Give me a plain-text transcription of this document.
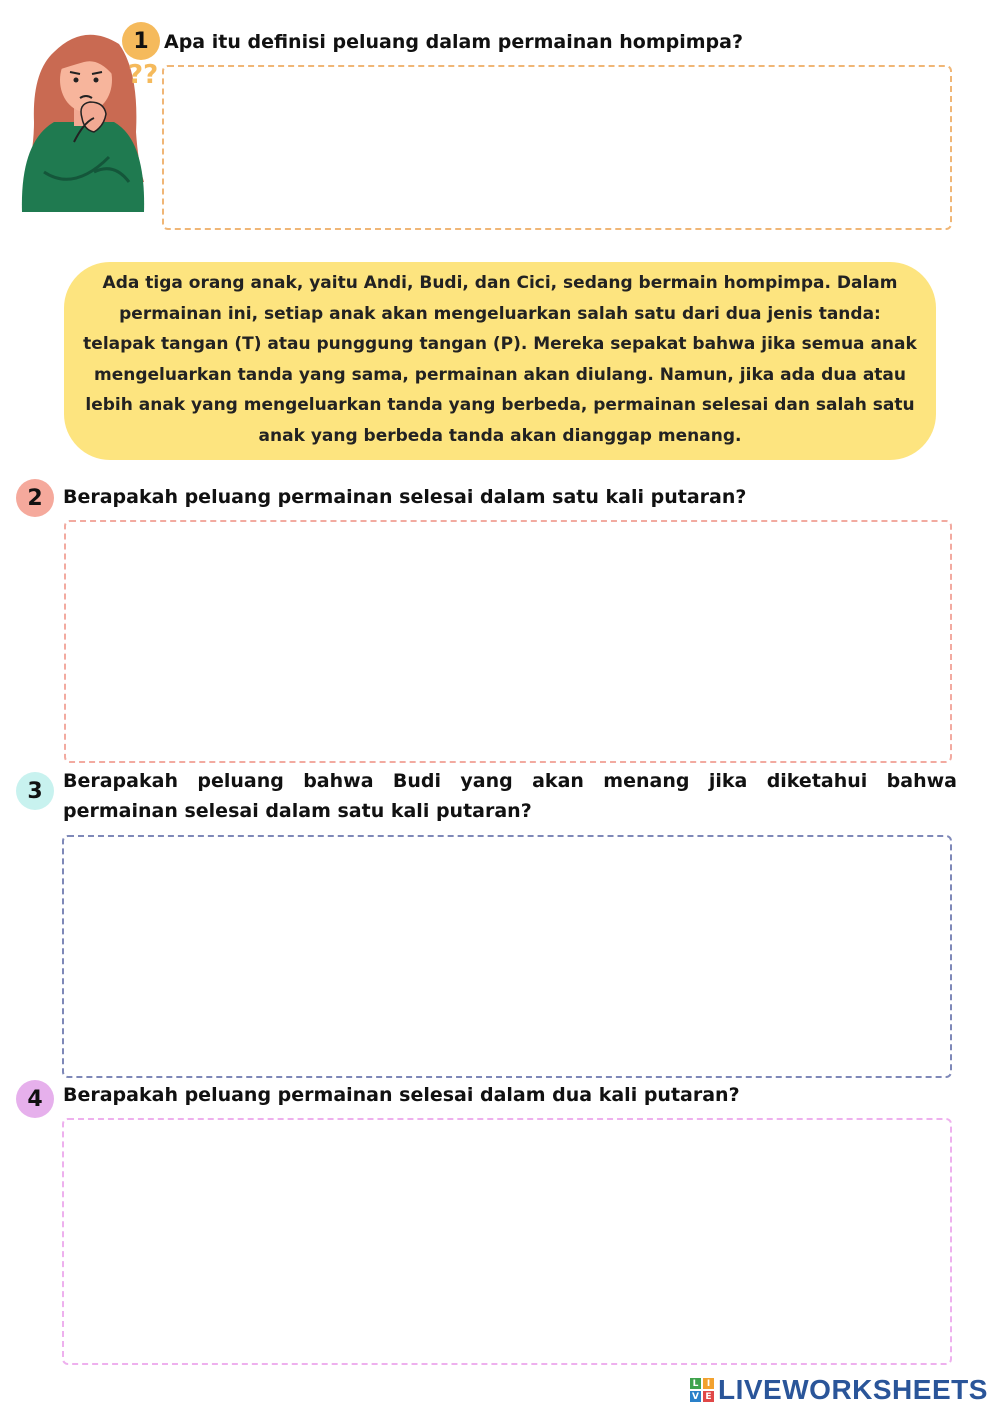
??
1 Apa itu definisi peluang dalam permainan hompimpa?
Ada tiga orang anak, yaitu Andi, Budi, dan Cici, sedang bermain hompimpa. Dalam permainan ini, setiap anak akan mengeluarkan salah satu dari dua jenis tanda: telapak tangan (T) atau punggung tangan (P). Mereka sepakat bahwa jika semua anak mengeluarkan tanda yang sama, permainan akan diulang. Namun, jika ada dua atau lebih anak yang mengeluarkan tanda yang berbeda, permainan selesai dan salah satu anak yang berbeda tanda akan dianggap menang.
2	Berapakah peluang permainan selesai dalam satu kali putaran?
3	Berapakah peluang bahwa Budi yang akan menang jika diketahui bahwa permainan selesai dalam satu kali putaran?
4	Berapakah peluang permainan selesai dalam dua kali putaran?
L I
V E LIVEWORKSHEETS
